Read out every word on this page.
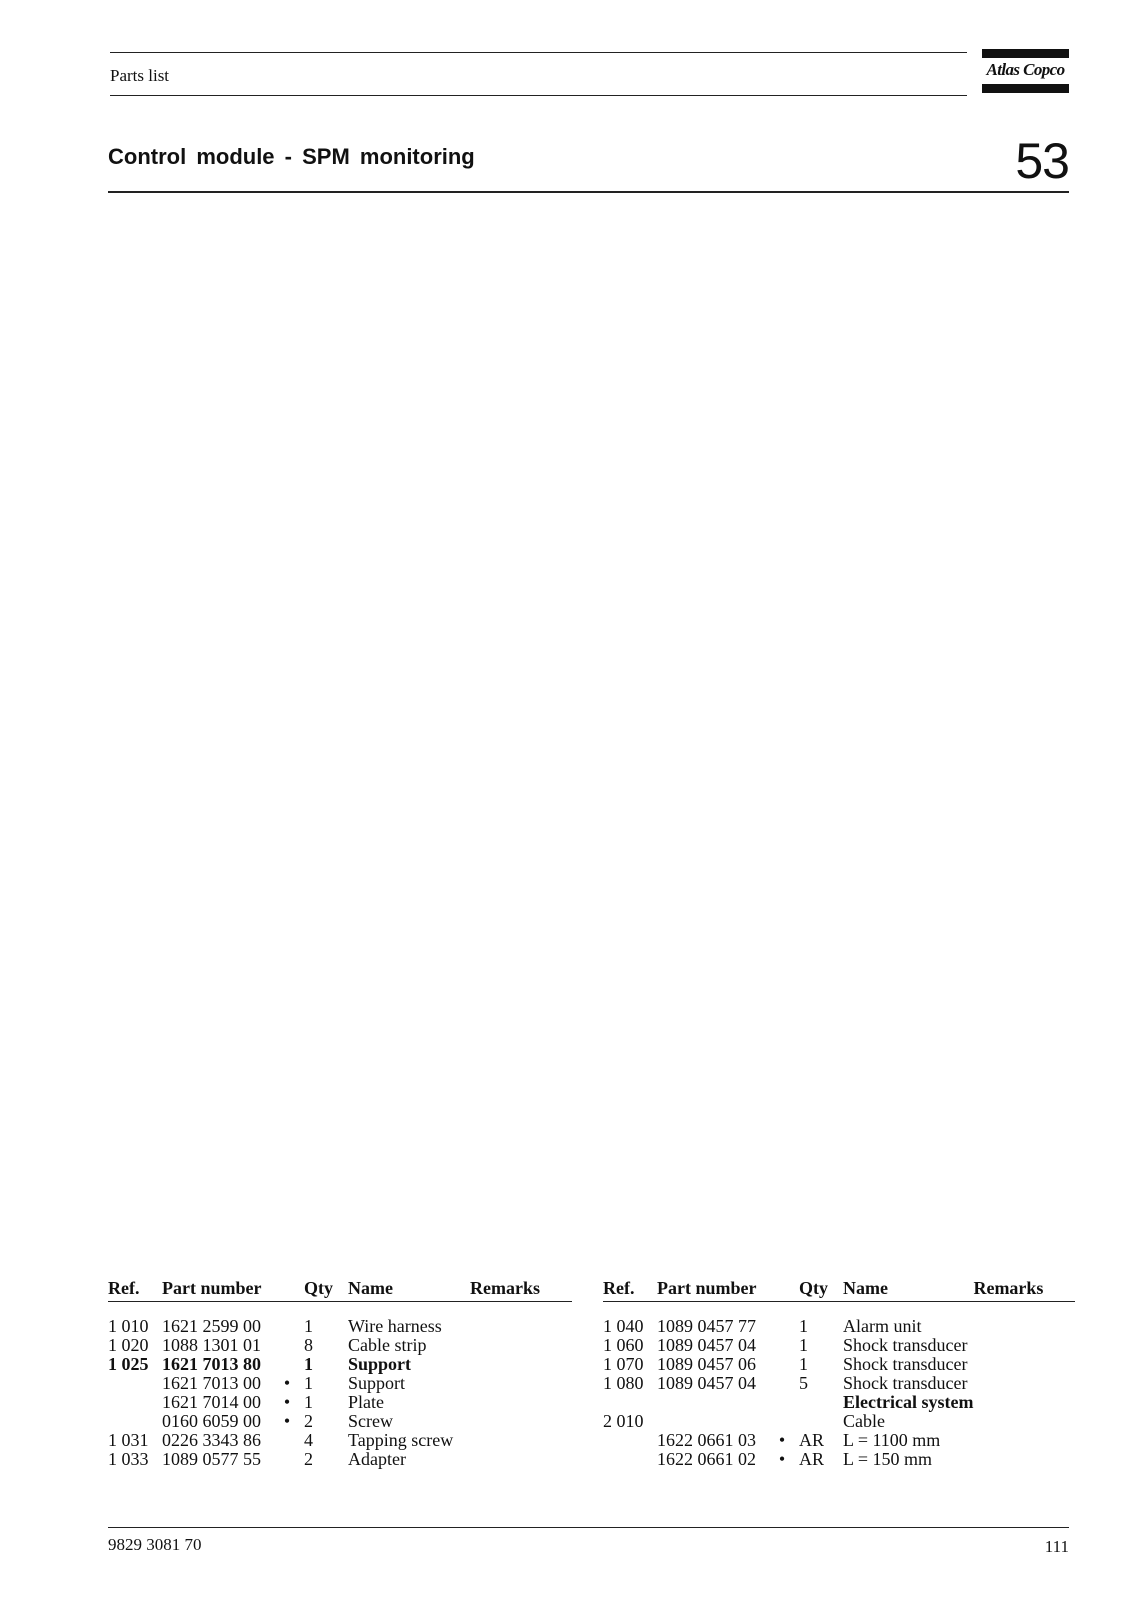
Parts list	Atlas Copco
Control module - SPM monitoring	53
Ref.	Part number		Qty	Name	Remarks

1 010	1621 2599 00		1	Wire harness	
1 020	1088 1301 01		8	Cable strip	
1 025	1621 7013 80		1	Support	
	1621 7013 00	•	1	Support	
	1621 7014 00	•	1	Plate	
	0160 6059 00	•	2	Screw	
1 031	0226 3343 86		4	Tapping screw	
1 033	1089 0577 55		2	Adapter	
Ref.	Part number		Qty	Name	Remarks

1 040	1089 0457 77		1	Alarm unit	
1 060	1089 0457 04		1	Shock transducer	
1 070	1089 0457 06		1	Shock transducer	
1 080	1089 0457 04		5	Shock transducer	
				Electrical system	
2 010				Cable	
	1622 0661 03	•	AR	L = 1100 mm	
	1622 0661 02	•	AR	L = 150 mm	
9829 3081 70	111
